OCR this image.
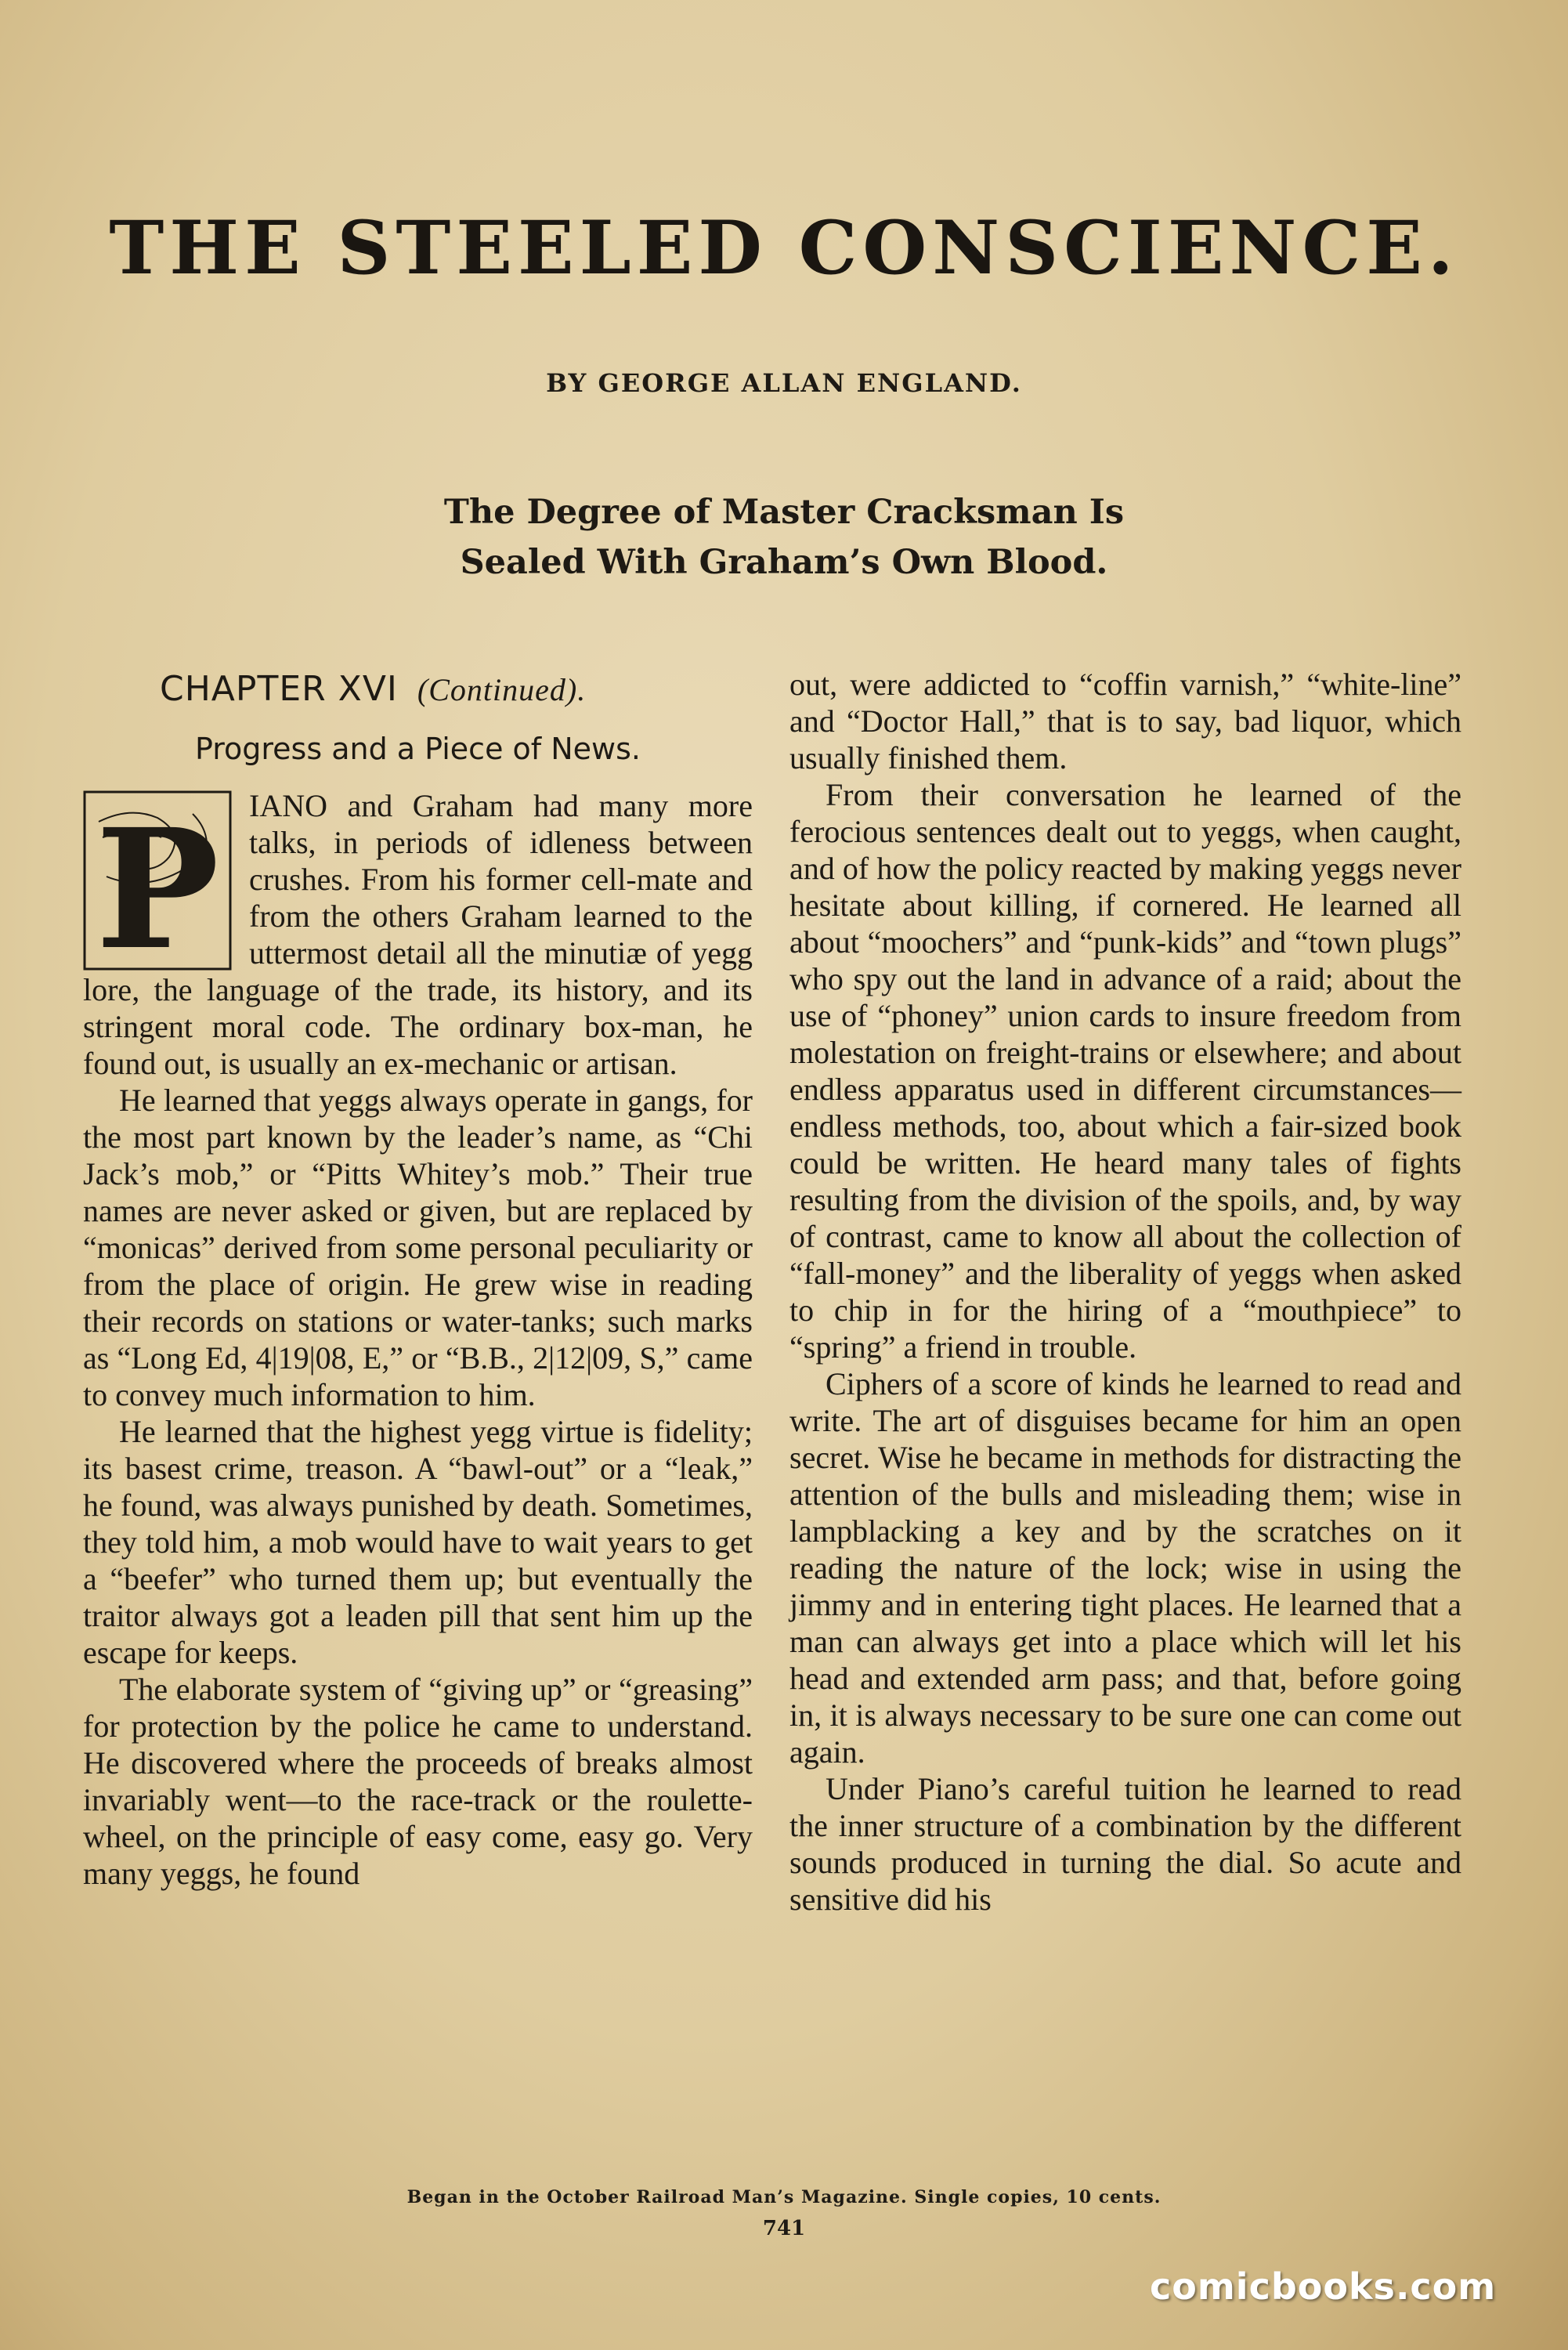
THE STEELED CONSCIENCE.
BY GEORGE ALLAN ENGLAND.
The Degree of Master Cracksman Is
Sealed With Graham’s Own Blood.
CHAPTER XVI (Continued).
Progress and a Piece of News.

P IANO and Graham had many more talks, in periods of idleness between crushes. From his former cell-mate and from the others Graham learned to the uttermost detail all the minutiæ of yegg lore, the language of the trade, its history, and its stringent moral code. The ordinary box-man, he found out, is usually an ex-mechanic or artisan.

He learned that yeggs always operate in gangs, for the most part known by the leader’s name, as “Chi Jack’s mob,” or “Pitts Whitey’s mob.” Their true names are never asked or given, but are replaced by “monicas” derived from some personal peculiarity or from the place of origin. He grew wise in reading their records on stations or water-tanks; such marks as “Long Ed, 4|19|08, E,” or “B.B., 2|12|09, S,” came to convey much information to him.

He learned that the highest yegg virtue is fidelity; its basest crime, treason. A “bawl-out” or a “leak,” he found, was always punished by death. Sometimes, they told him, a mob would have to wait years to get a “beefer” who turned them up; but eventually the traitor always got a leaden pill that sent him up the escape for keeps.

The elaborate system of “giving up” or “greasing” for protection by the police he came to understand. He discovered where the proceeds of breaks almost invariably went—to the race-track or the roulette-wheel, on the principle of easy come, easy go. Very many yeggs, he found

out, were addicted to “coffin varnish,” “white-line” and “Doctor Hall,” that is to say, bad liquor, which usually finished them.

From their conversation he learned of the ferocious sentences dealt out to yeggs, when caught, and of how the policy reacted by making yeggs never hesitate about killing, if cornered. He learned all about “moochers” and “punk-kids” and “town plugs” who spy out the land in advance of a raid; about the use of “phoney” union cards to insure freedom from molestation on freight-trains or elsewhere; and about endless apparatus used in different circumstances—endless methods, too, about which a fair-sized book could be written. He heard many tales of fights resulting from the division of the spoils, and, by way of contrast, came to know all about the collection of “fall-money” and the liberality of yeggs when asked to chip in for the hiring of a “mouthpiece” to “spring” a friend in trouble.

Ciphers of a score of kinds he learned to read and write. The art of disguises became for him an open secret. Wise he became in methods for distracting the attention of the bulls and misleading them; wise in lampblacking a key and by the scratches on it reading the nature of the lock; wise in using the jimmy and in entering tight places. He learned that a man can always get into a place which will let his head and extended arm pass; and that, before going in, it is always necessary to be sure one can come out again.

Under Piano’s careful tuition he learned to read the inner structure of a combination by the different sounds produced in turning the dial. So acute and sensitive did his

Began in the October Railroad Man’s Magazine. Single copies, 10 cents.
741
comicbooks.com
